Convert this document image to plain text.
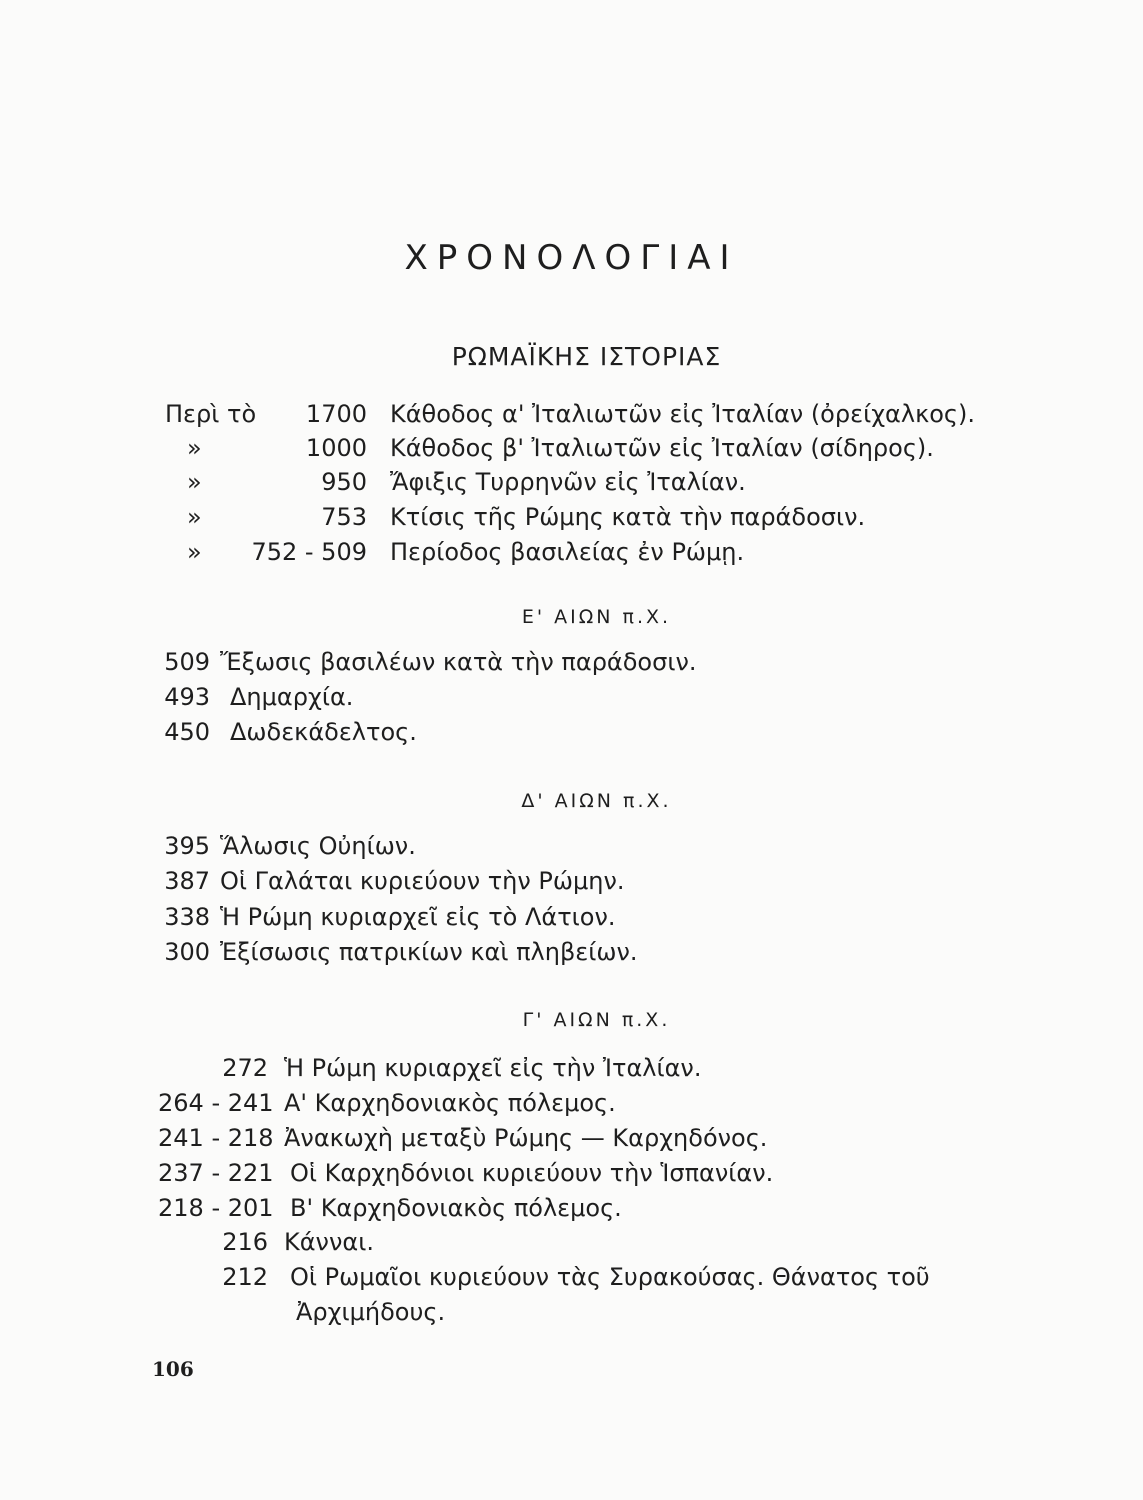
ΧΡΟΝΟΛΟΓΙΑΙ
ΡΩΜΑΪΚΗΣ ΙΣΤΟΡΙΑΣ
Περὶ τὸ	1700 Κάθοδος α' Ἰταλιωτῶν εἰς Ἰταλίαν (ὀρείχαλκος).
»	1000 Κάθοδος β' Ἰταλιωτῶν εἰς Ἰταλίαν (σίδηρος).
»	950 Ἄφιξις Τυρρηνῶν εἰς Ἰταλίαν.
»	753 Κτίσις τῆς Ρώμης κατὰ τὴν παράδοσιν.
»	752 - 509 Περίοδος βασιλείας ἐν Ρώμῃ.
Ε' ΑΙΩΝ π.Χ.
509 Ἔξωσις βασιλέων κατὰ τὴν παράδοσιν.
493 Δημαρχία.
450 Δωδεκάδελτος.
Δ' ΑΙΩΝ π.Χ.
395 Ἅλωσις Οὐηίων.
387 Οἱ Γαλάται κυριεύουν τὴν Ρώμην.
338 Ἡ Ρώμη κυριαρχεῖ εἰς τὸ Λάτιον.
300 Ἐξίσωσις πατρικίων καὶ πληβείων.
Γ' ΑΙΩΝ π.Χ.
272 Ἡ Ρώμη κυριαρχεῖ εἰς τὴν Ἰταλίαν.
264 - 241 Α' Καρχηδονιακὸς πόλεμος.
241 - 218 Ἀνακωχὴ μεταξὺ Ρώμης — Καρχηδόνος.
237 - 221 Οἱ Καρχηδόνιοι κυριεύουν τὴν Ἱσπανίαν.
218 - 201 Β' Καρχηδονιακὸς πόλεμος.
216 Κάνναι.
212 Οἱ Ρωμαῖοι κυριεύουν τὰς Συρακούσας. Θάνατος τοῦ
Ἀρχιμήδους.
106
